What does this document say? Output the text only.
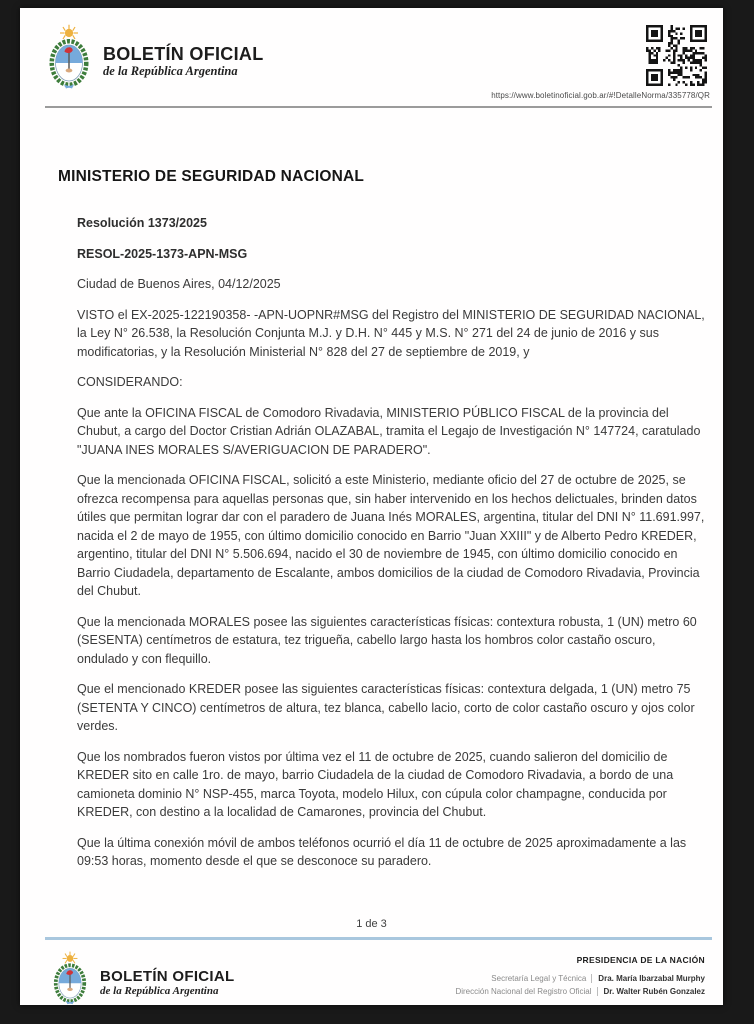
BOLETÍN OFICIAL
de la República Argentina
https://www.boletinoficial.gob.ar/#!DetalleNorma/335778/QR
MINISTERIO DE SEGURIDAD NACIONAL

Resolución 1373/2025

RESOL-2025-1373-APN-MSG

Ciudad de Buenos Aires, 04/12/2025

VISTO el EX-2025-122190358- -APN-UOPNR#MSG del Registro del MINISTERIO DE SEGURIDAD NACIONAL, la Ley N° 26.538, la Resolución Conjunta M.J. y D.H. N° 445 y M.S. N° 271 del 24 de junio de 2016 y sus modificatorias, y la Resolución Ministerial N° 828 del 27 de septiembre de 2019, y

CONSIDERANDO:

Que ante la OFICINA FISCAL de Comodoro Rivadavia, MINISTERIO PÚBLICO FISCAL de la provincia del Chubut, a cargo del Doctor Cristian Adrián OLAZABAL, tramita el Legajo de Investigación N° 147724, caratulado "JUANA INES MORALES S/AVERIGUACION DE PARADERO".

Que la mencionada OFICINA FISCAL, solicitó a este Ministerio, mediante oficio del 27 de octubre de 2025, se ofrezca recompensa para aquellas personas que, sin haber intervenido en los hechos delictuales, brinden datos útiles que permitan lograr dar con el paradero de Juana Inés MORALES, argentina, titular del DNI N° 11.691.997, nacida el 2 de mayo de 1955, con último domicilio conocido en Barrio "Juan XXIII" y de Alberto Pedro KREDER, argentino, titular del DNI N° 5.506.694, nacido el 30 de noviembre de 1945, con último domicilio conocido en Barrio Ciudadela, departamento de Escalante, ambos domicilios de la ciudad de Comodoro Rivadavia, Provincia del Chubut.

Que la mencionada MORALES posee las siguientes características físicas: contextura robusta, 1 (UN) metro 60 (SESENTA) centímetros de estatura, tez trigueña, cabello largo hasta los hombros color castaño oscuro, ondulado y con flequillo.

Que el mencionado KREDER posee las siguientes características físicas: contextura delgada, 1 (UN) metro 75 (SETENTA Y CINCO) centímetros de altura, tez blanca, cabello lacio, corto de color castaño oscuro y ojos color verdes.

Que los nombrados fueron vistos por última vez el 11 de octubre de 2025, cuando salieron del domicilio de KREDER sito en calle 1ro. de mayo, barrio Ciudadela de la ciudad de Comodoro Rivadavia, a bordo de una camioneta dominio N° NSP-455, marca Toyota, modelo Hilux, con cúpula color champagne, conducida por KREDER, con destino a la localidad de Camarones, provincia del Chubut.

Que la última conexión móvil de ambos teléfonos ocurrió el día 11 de octubre de 2025 aproximadamente a las 09:53 horas, momento desde el que se desconoce su paradero.

1 de 3
BOLETÍN OFICIAL
de la República Argentina
PRESIDENCIA DE LA NACIÓN
Secretaría Legal y Técnica Dra. María Ibarzabal Murphy
Dirección Nacional del Registro Oficial Dr. Walter Rubén Gonzalez
